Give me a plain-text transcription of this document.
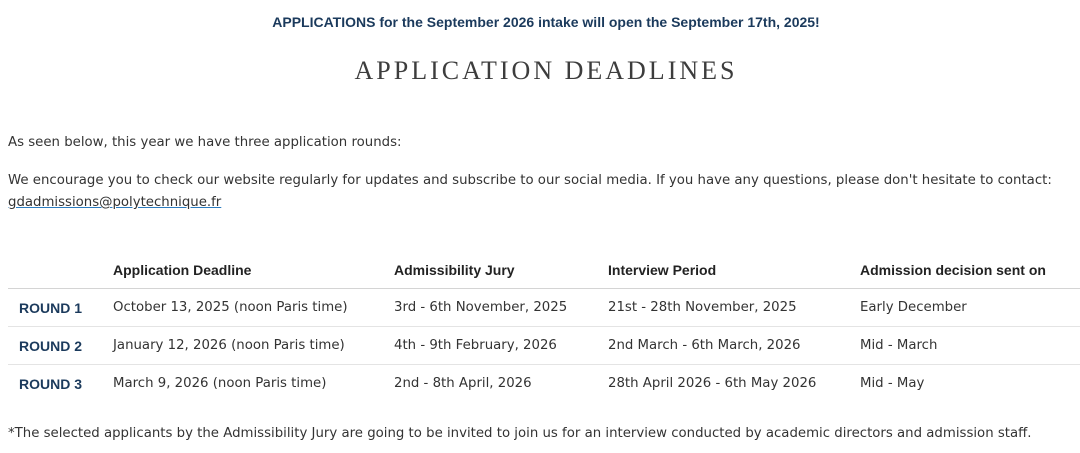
APPLICATIONS for the September 2026 intake will open the September 17th, 2025!
APPLICATION DEADLINES

As seen below, this year we have three application rounds:

We encourage you to check our website regularly for updates and subscribe to our social media. If you have any questions, please don't hesitate to contact:
gdadmissions@polytechnique.fr

	Application Deadline	Admissibility Jury	Interview Period	Admission decision sent on
ROUND 1	October 13, 2025 (noon Paris time)	3rd - 6th November, 2025	21st - 28th November, 2025	Early December
ROUND 2	January 12, 2026 (noon Paris time)	4th - 9th February, 2026	2nd March - 6th March, 2026	Mid - March
ROUND 3	March 9, 2026 (noon Paris time)	2nd - 8th April, 2026	28th April 2026 - 6th May 2026	Mid - May

*The selected applicants by the Admissibility Jury are going to be invited to join us for an interview conducted by academic directors and admission staff.
